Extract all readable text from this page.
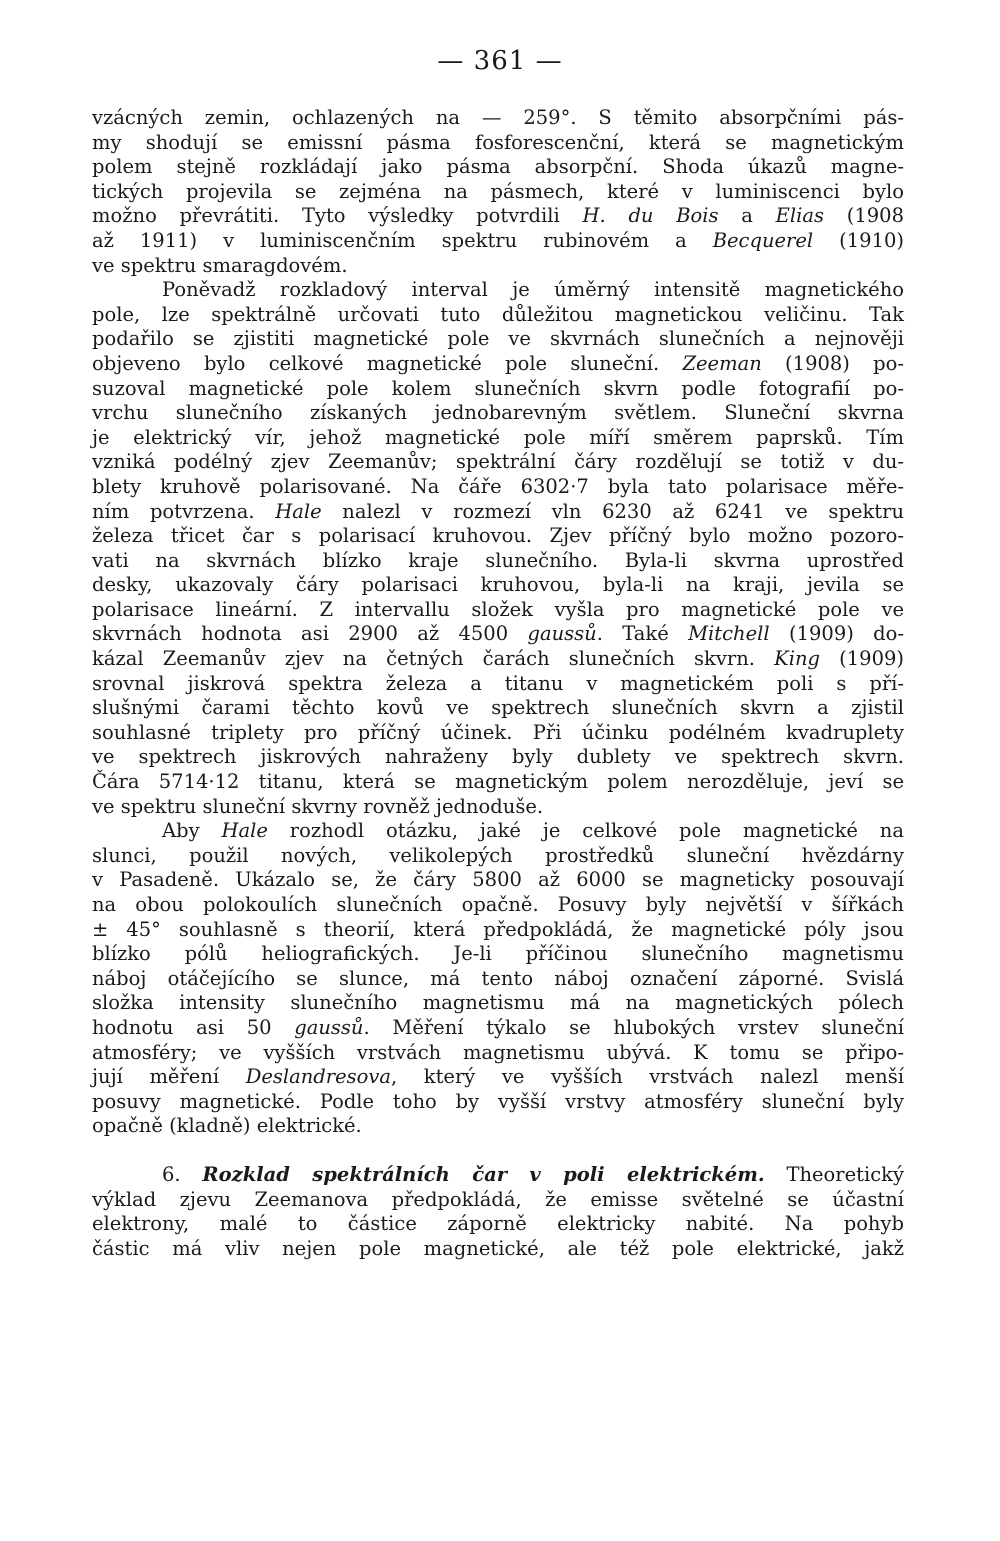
— 361 —
vzácných zemin, ochlazených na — 259°. S těmito absorpčními pás-
my shodují se emissní pásma fosforescenční, která se magnetickým
polem stejně rozkládají jako pásma absorpční. Shoda úkazů magne-
tických projevila se zejména na pásmech, které v luminiscenci bylo
možno převrátiti. Tyto výsledky potvrdili H. du Bois a Elias (1908
až 1911) v luminiscenčním spektru rubinovém a Becquerel (1910)
ve spektru smaragdovém.
Poněvadž rozkladový interval je úměrný intensitě magnetického
pole, lze spektrálně určovati tuto důležitou magnetickou veličinu. Tak
podařilo se zjistiti magnetické pole ve skvrnách slunečních a nejnověji
objeveno bylo celkové magnetické pole sluneční. Zeeman (1908) po-
suzoval magnetické pole kolem slunečních skvrn podle fotografií po-
vrchu slunečního získaných jednobarevným světlem. Sluneční skvrna
je elektrický vír, jehož magnetické pole míří směrem paprsků. Tím
vzniká podélný zjev Zeemanův; spektrální čáry rozdělují se totiž v du-
blety kruhově polarisované. Na čáře 6302·7 byla tato polarisace měře-
ním potvrzena. Hale nalezl v rozmezí vln 6230 až 6241 ve spektru
železa třicet čar s polarisací kruhovou. Zjev příčný bylo možno pozoro-
vati na skvrnách blízko kraje slunečního. Byla-li skvrna uprostřed
desky, ukazovaly čáry polarisaci kruhovou, byla-li na kraji, jevila se
polarisace lineární. Z intervallu složek vyšla pro magnetické pole ve
skvrnách hodnota asi 2900 až 4500 gaussů. Také Mitchell (1909) do-
kázal Zeemanův zjev na četných čarách slunečních skvrn. King (1909)
srovnal jiskrová spektra železa a titanu v magnetickém poli s pří-
slušnými čarami těchto kovů ve spektrech slunečních skvrn a zjistil
souhlasné triplety pro příčný účinek. Při účinku podélném kvadruplety
ve spektrech jiskrových nahraženy byly dublety ve spektrech skvrn.
Čára 5714·12 titanu, která se magnetickým polem nerozděluje, jeví se
ve spektru sluneční skvrny rovněž jednoduše.
Aby Hale rozhodl otázku, jaké je celkové pole magnetické na
slunci, použil nových, velikolepých prostředků sluneční hvězdárny
v Pasadeně. Ukázalo se, že čáry 5800 až 6000 se magneticky posouvají
na obou polokoulích slunečních opačně. Posuvy byly největší v šířkách
± 45° souhlasně s theorií, která předpokládá, že magnetické póly jsou
blízko pólů heliografických. Je-li příčinou slunečního magnetismu
náboj otáčejícího se slunce, má tento náboj označení záporné. Svislá
složka intensity slunečního magnetismu má na magnetických pólech
hodnotu asi 50 gaussů. Měření týkalo se hlubokých vrstev sluneční
atmosféry; ve vyšších vrstvách magnetismu ubývá. K tomu se připo-
jují měření Deslandresova, který ve vyšších vrstvách nalezl menší
posuvy magnetické. Podle toho by vyšší vrstvy atmosféry sluneční byly
opačně (kladně) elektrické.
6. Rozklad spektrálních čar v poli elektrickém. Theoretický
výklad zjevu Zeemanova předpokládá, že emisse světelné se účastní
elektrony, malé to částice záporně elektricky nabité. Na pohyb
částic má vliv nejen pole magnetické, ale též pole elektrické, jakž
